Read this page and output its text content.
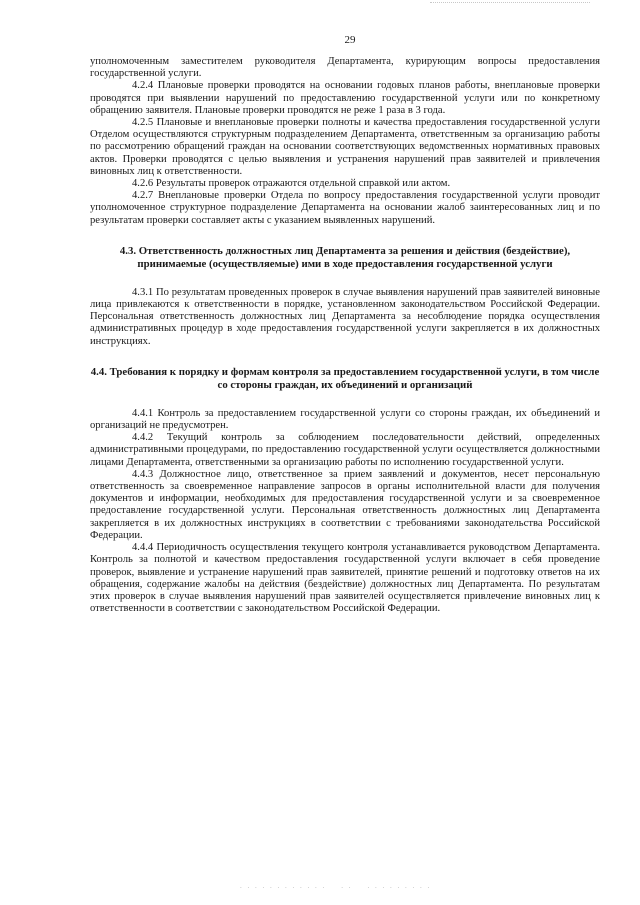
29

уполномоченным заместителем руководителя Департамента, курирующим вопросы предоставления государственной услуги.

4.2.4 Плановые проверки проводятся на основании годовых планов работы, внеплановые проверки проводятся при выявлении нарушений по предоставлению государственной услуги или по конкретному обращению заявителя. Плановые проверки проводятся не реже 1 раза в 3 года.

4.2.5 Плановые и внеплановые проверки полноты и качества предоставления государственной услуги Отделом осуществляются структурным подразделением Департамента, ответственным за организацию работы по рассмотрению обращений граждан на основании соответствующих ведомственных нормативных правовых актов. Проверки проводятся с целью выявления и устранения нарушений прав заявителей и привлечения виновных лиц к ответственности.

4.2.6 Результаты проверок отражаются отдельной справкой или актом.

4.2.7 Внеплановые проверки Отдела по вопросу предоставления государственной услуги проводит уполномоченное структурное подразделение Департамента на основании жалоб заинтересованных лиц и по результатам проверки составляет акты с указанием выявленных нарушений.

4.3. Ответственность должностных лиц Департамента за решения и действия (бездействие), принимаемые (осуществляемые) ими в ходе предоставления государственной услуги

4.3.1 По результатам проведенных проверок в случае выявления нарушений прав заявителей виновные лица привлекаются к ответственности в порядке, установленном законодательством Российской Федерации. Персональная ответственность должностных лиц Департамента за несоблюдение порядка осуществления административных процедур в ходе предоставления государственной услуги закрепляется в их должностных инструкциях.

4.4. Требования к порядку и формам контроля за предоставлением государственной услуги, в том числе со стороны граждан, их объединений и организаций

4.4.1 Контроль за предоставлением государственной услуги со стороны граждан, их объединений и организаций не предусмотрен.

4.4.2 Текущий контроль за соблюдением последовательности действий, определенных административными процедурами, по предоставлению государственной услуги осуществляется должностными лицами Департамента, ответственными за организацию работы по исполнению государственной услуги.

4.4.3 Должностное лицо, ответственное за прием заявлений и документов, несет персональную ответственность за своевременное направление запросов в органы исполнительной власти для получения документов и информации, необходимых для предоставления государственной услуги и за своевременное предоставление государственной услуги. Персональная ответственность должностных лиц Департамента закрепляется в их должностных инструкциях в соответствии с требованиями законодательства Российской Федерации.

4.4.4 Периодичность осуществления текущего контроля устанавливается руководством Департамента. Контроль за полнотой и качеством предоставления государственной услуги включает в себя проведение проверок, выявление и устранение нарушений прав заявителей, принятие решений и подготовку ответов на их обращения, содержание жалобы на действия (бездействие) должностных лиц Департамента. По результатам этих проверок в случае выявления нарушений прав заявителей осуществляется привлечение виновных лиц к ответственности в соответствии с законодательством Российской Федерации.

. . . . . . . . . . . .    . .    . . . . . . . . .
